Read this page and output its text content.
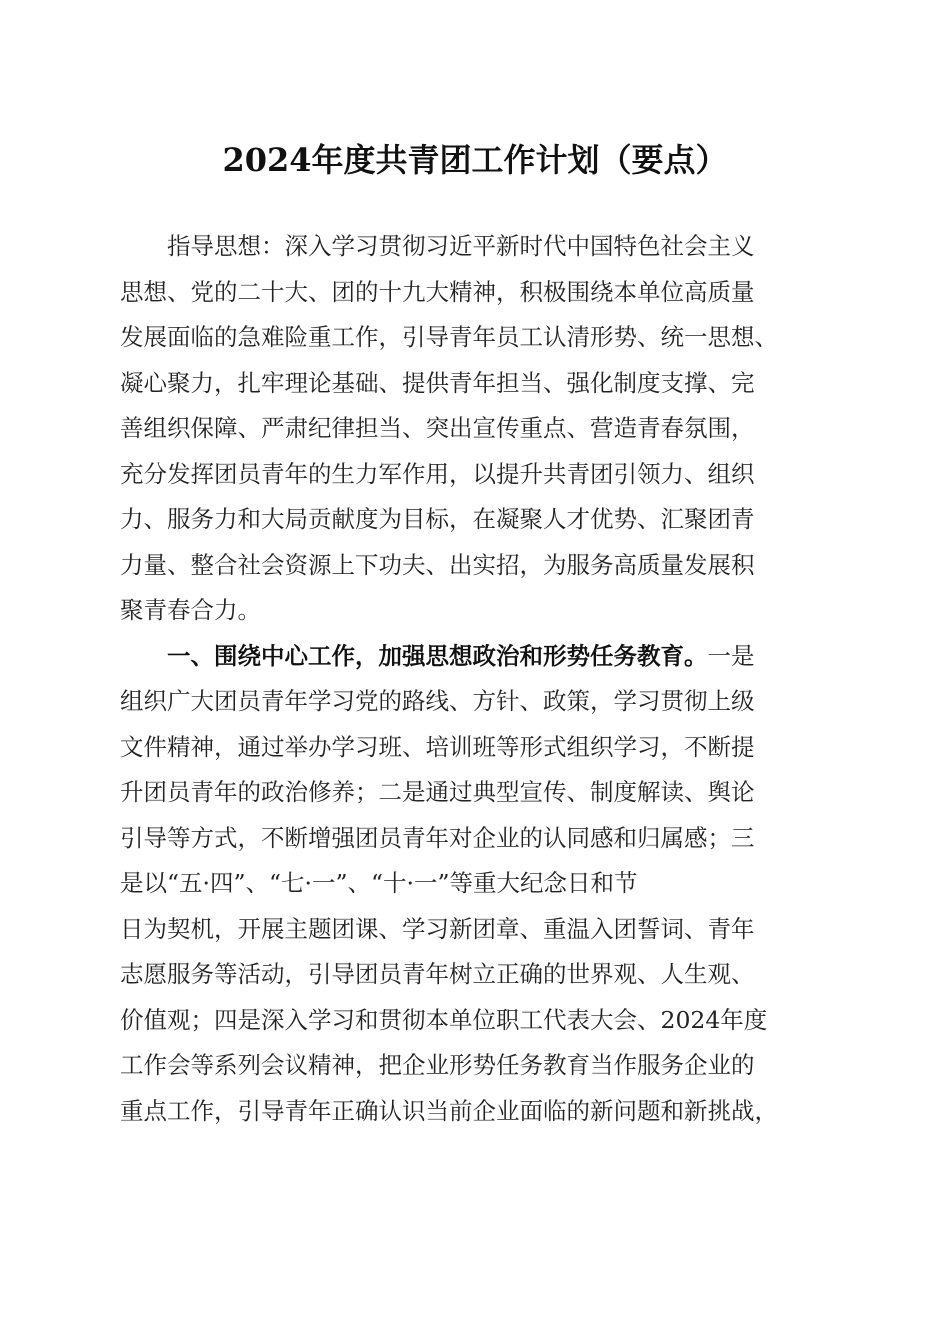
2024年度共青团工作计划（要点）
　　指导思想：深入学习贯彻习近平新时代中国特色社会主义
思想、党的二十大、团的十九大精神，积极围绕本单位高质量
发展面临的急难险重工作，引导青年员工认清形势、统一思想、
凝心聚力，扎牢理论基础、提供青年担当、强化制度支撑、完
善组织保障、严肃纪律担当、突出宣传重点、营造青春氛围，
充分发挥团员青年的生力军作用，以提升共青团引领力、组织
力、服务力和大局贡献度为目标，在凝聚人才优势、汇聚团青
力量、整合社会资源上下功夫、出实招，为服务高质量发展积
聚青春合力。
　　一、围绕中心工作，加强思想政治和形势任务教育。一是
组织广大团员青年学习党的路线、方针、政策，学习贯彻上级
文件精神，通过举办学习班、培训班等形式组织学习，不断提
升团员青年的政治修养；二是通过典型宣传、制度解读、舆论
引导等方式，不断增强团员青年对企业的认同感和归属感；三
是以“五·四”、“七·一”、“十·一”等重大纪念日和节
日为契机，开展主题团课、学习新团章、重温入团誓词、青年
志愿服务等活动，引导团员青年树立正确的世界观、人生观、
价值观；四是深入学习和贯彻本单位职工代表大会、2024年度
工作会等系列会议精神，把企业形势任务教育当作服务企业的
重点工作，引导青年正确认识当前企业面临的新问题和新挑战，
